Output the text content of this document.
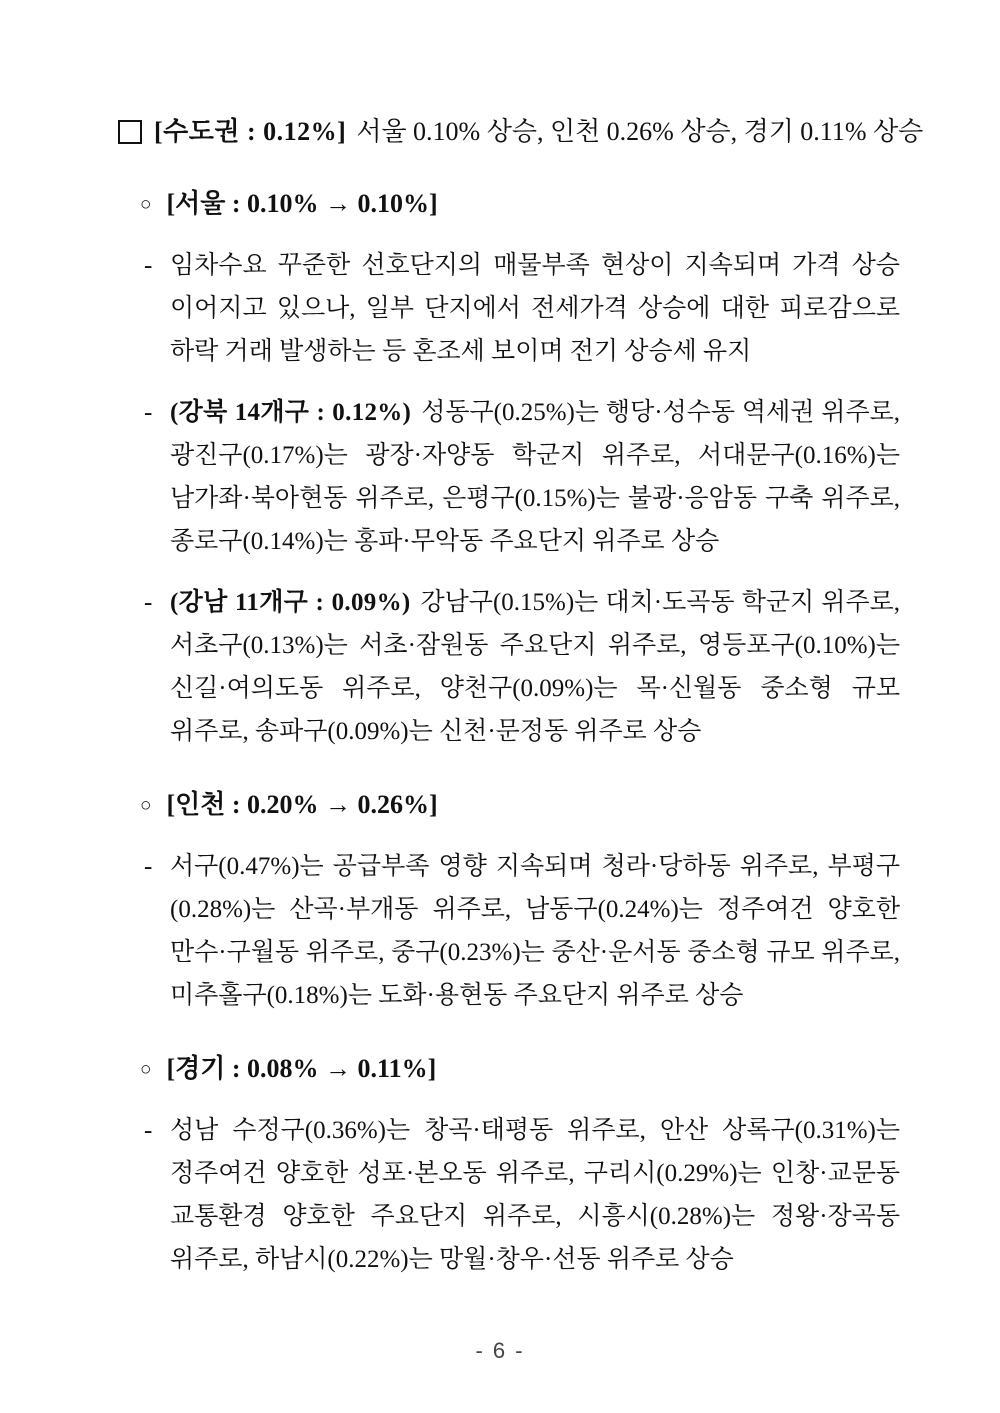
[수도권 : 0.12%] 서울 0.10% 상승, 인천 0.26% 상승, 경기 0.11% 상승
○ [서울 : 0.10% → 0.10%]
- 임차수요 꾸준한 선호단지의 매물부족 현상이 지속되며 가격 상승 이어지고 있으나, 일부 단지에서 전세가격 상승에 대한 피로감으로 하락 거래 발생하는 등 혼조세 보이며 전기 상승세 유지

- (강북 14개구 : 0.12%) 성동구(0.25%)는 행당·성수동 역세권 위주로, 광진구(0.17%)는 광장·자양동 학군지 위주로, 서대문구(0.16%)는 남가좌·북아현동 위주로, 은평구(0.15%)는 불광·응암동 구축 위주로, 종로구(0.14%)는 홍파·무악동 주요단지 위주로 상승

- (강남 11개구 : 0.09%) 강남구(0.15%)는 대치·도곡동 학군지 위주로, 서초구(0.13%)는 서초·잠원동 주요단지 위주로, 영등포구(0.10%)는 신길·여의도동 위주로, 양천구(0.09%)는 목·신월동 중소형 규모 위주로, 송파구(0.09%)는 신천·문정동 위주로 상승

○ [인천 : 0.20% → 0.26%]
- 서구(0.47%)는 공급부족 영향 지속되며 청라·당하동 위주로, 부평구(0.28%)는 산곡·부개동 위주로, 남동구(0.24%)는 정주여건 양호한 만수·구월동 위주로, 중구(0.23%)는 중산·운서동 중소형 규모 위주로, 미추홀구(0.18%)는 도화·용현동 주요단지 위주로 상승

○ [경기 : 0.08% → 0.11%]
- 성남 수정구(0.36%)는 창곡·태평동 위주로, 안산 상록구(0.31%)는 정주여건 양호한 성포·본오동 위주로, 구리시(0.29%)는 인창·교문동 교통환경 양호한 주요단지 위주로, 시흥시(0.28%)는 정왕·장곡동 위주로, 하남시(0.22%)는 망월·창우·선동 위주로 상승

- 6 -
